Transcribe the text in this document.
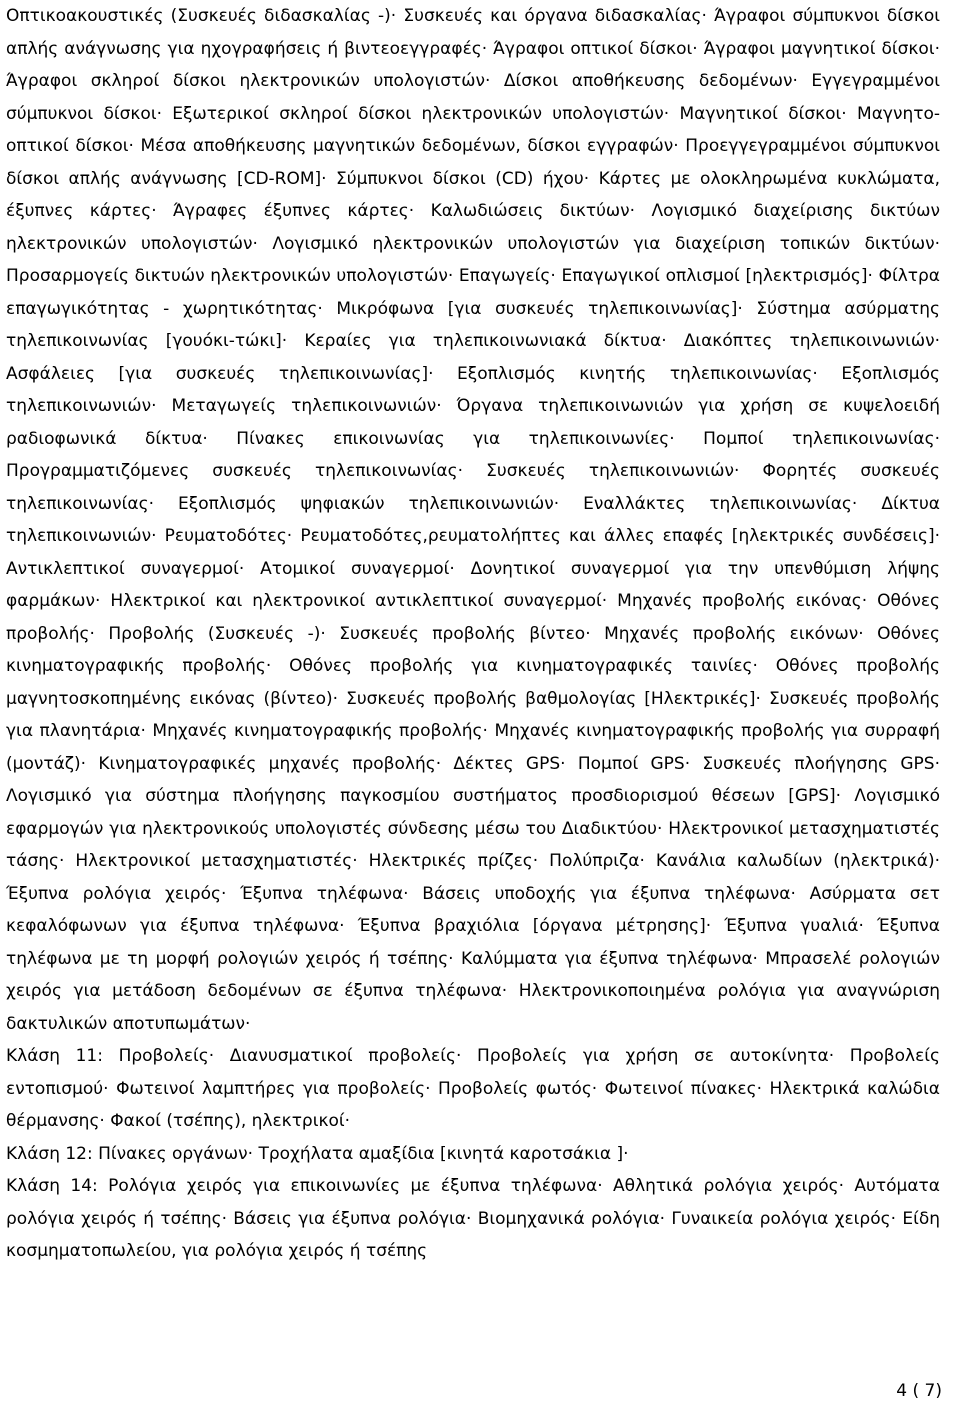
Οπτικοακουστικές (Συσκευές διδασκαλίας -)· Συσκευές και όργανα διδασκαλίας· Άγραφοι σύμπυκνοι δίσκοι απλής ανάγνωσης για ηχογραφήσεις ή βιντεοεγγραφές· Άγραφοι οπτικοί δίσκοι· Άγραφοι μαγνητικοί δίσκοι· Άγραφοι σκληροί δίσκοι ηλεκτρονικών υπολογιστών· Δίσκοι αποθήκευσης δεδομένων· Εγγεγραμμένοι σύμπυκνοι δίσκοι· Εξωτερικοί σκληροί δίσκοι ηλεκτρονικών υπολογιστών· Μαγνητικοί δίσκοι· Μαγνητο-οπτικοί δίσκοι· Μέσα αποθήκευσης μαγνητικών δεδομένων, δίσκοι εγγραφών· Προεγγεγραμμένοι σύμπυκνοι δίσκοι απλής ανάγνωσης [CD-ROM]· Σύμπυκνοι δίσκοι (CD) ήχου· Κάρτες με ολοκληρωμένα κυκλώματα, έξυπνες κάρτες· Άγραφες έξυπνες κάρτες· Καλωδιώσεις δικτύων· Λογισμικό διαχείρισης δικτύων ηλεκτρονικών υπολογιστών· Λογισμικό ηλεκτρονικών υπολογιστών για διαχείριση τοπικών δικτύων· Προσαρμογείς δικτυών ηλεκτρονικών υπολογιστών· Επαγωγείς· Επαγωγικοί οπλισμοί [ηλεκτρισμός]· Φίλτρα επαγωγικότητας - χωρητικότητας· Μικρόφωνα [για συσκευές τηλεπικοινωνίας]· Σύστημα ασύρματης τηλεπικοινωνίας [γουόκι-τώκι]· Κεραίες για τηλεπικοινωνιακά δίκτυα· Διακόπτες τηλεπικοινωνιών· Ασφάλειες [για συσκευές τηλεπικοινωνίας]· Εξοπλισμός κινητής τηλεπικοινωνίας· Εξοπλισμός τηλεπικοινωνιών· Μεταγωγείς τηλεπικοινωνιών· Όργανα τηλεπικοινωνιών για χρήση σε κυψελοειδή ραδιοφωνικά δίκτυα· Πίνακες επικοινωνίας για τηλεπικοινωνίες· Πομποί τηλεπικοινωνίας· Προγραμματιζόμενες συσκευές τηλεπικοινωνίας· Συσκευές τηλεπικοινωνιών· Φορητές συσκευές τηλεπικοινωνίας· Εξοπλισμός ψηφιακών τηλεπικοινωνιών· Εναλλάκτες τηλεπικοινωνίας· Δίκτυα τηλεπικοινωνιών· Ρευματοδότες· Ρευματοδότες,ρευματολήπτες και άλλες επαφές [ηλεκτρικές συνδέσεις]· Αντικλεπτικοί συναγερμοί· Ατομικοί συναγερμοί· Δονητικοί συναγερμοί για την υπενθύμιση λήψης φαρμάκων· Ηλεκτρικοί και ηλεκτρονικοί αντικλεπτικοί συναγερμοί· Μηχανές προβολής εικόνας· Οθόνες προβολής· Προβολής (Συσκευές -)· Συσκευές προβολής βίντεο· Μηχανές προβολής εικόνων· Οθόνες κινηματογραφικής προβολής· Οθόνες προβολής για κινηματογραφικές ταινίες· Οθόνες προβολής μαγνητοσκοπημένης εικόνας (βίντεο)· Συσκευές προβολής βαθμολογίας [Ηλεκτρικές]· Συσκευές προβολής για πλανητάρια· Μηχανές κινηματογραφικής προβολής· Μηχανές κινηματογραφικής προβολής για συρραφή (μοντάζ)· Κινηματογραφικές μηχανές προβολής· Δέκτες GPS· Πομποί GPS· Συσκευές πλοήγησης GPS· Λογισμικό για σύστημα πλοήγησης παγκοσμίου συστήματος προσδιορισμού θέσεων [GPS]· Λογισμικό εφαρμογών για ηλεκτρονικούς υπολογιστές σύνδεσης μέσω του Διαδικτύου· Ηλεκτρονικοί μετασχηματιστές τάσης· Ηλεκτρονικοί μετασχηματιστές· Ηλεκτρικές πρίζες· Πολύπριζα· Κανάλια καλωδίων (ηλεκτρικά)· Έξυπνα ρολόγια χειρός· Έξυπνα τηλέφωνα· Βάσεις υποδοχής για έξυπνα τηλέφωνα· Ασύρματα σετ κεφαλόφωνων για έξυπνα τηλέφωνα· Έξυπνα βραχιόλια [όργανα μέτρησης]· Έξυπνα γυαλιά· Έξυπνα τηλέφωνα με τη μορφή ρολογιών χειρός ή τσέπης· Καλύμματα για έξυπνα τηλέφωνα· Μπρασελέ ρολογιών χειρός για μετάδοση δεδομένων σε έξυπνα τηλέφωνα· Ηλεκτρονικοποιημένα ρολόγια για αναγνώριση δακτυλικών αποτυπωμάτων·

Κλάση 11: Προβολείς· Διανυσματικοί προβολείς· Προβολείς για χρήση σε αυτοκίνητα· Προβολείς εντοπισμού· Φωτεινοί λαμπτήρες για προβολείς· Προβολείς φωτός· Φωτεινοί πίνακες· Ηλεκτρικά καλώδια θέρμανσης· Φακοί (τσέπης), ηλεκτρικοί·

Κλάση 12: Πίνακες οργάνων· Τροχήλατα αμαξίδια [κινητά καροτσάκια ]·

Κλάση 14: Ρολόγια χειρός για επικοινωνίες με έξυπνα τηλέφωνα· Αθλητικά ρολόγια χειρός· Αυτόματα ρολόγια χειρός ή τσέπης· Βάσεις για έξυπνα ρολόγια· Βιομηχανικά ρολόγια· Γυναικεία ρολόγια χειρός· Είδη κοσμηματοπωλείου, για ρολόγια χειρός ή τσέπης

4 ( 7)
